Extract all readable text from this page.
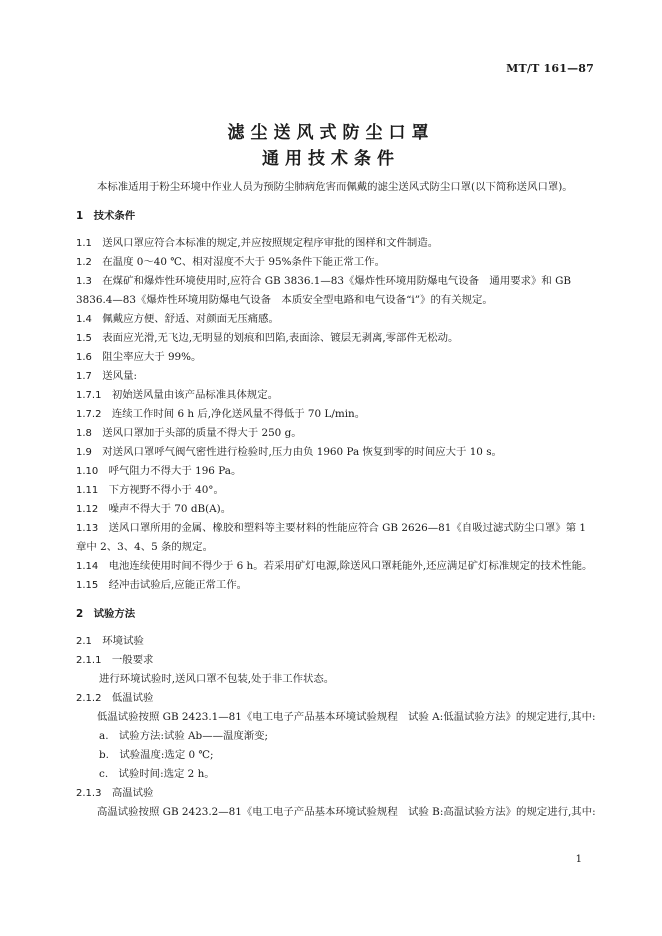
MT/T 161—87
滤尘送风式防尘口罩
通用技术条件

本标准适用于粉尘环境中作业人员为预防尘肺病危害而佩戴的滤尘送风式防尘口罩(以下简称送风口罩)。

1　技术条件

1.1　 送风口罩应符合本标准的规定,并应按照规定程序审批的图样和文件制造。

1.2　 在温度 0～40 ℃、相对湿度不大于 95%条件下能正常工作。

1.3　 在煤矿和爆炸性环境使用时,应符合 GB 3836.1—83《爆炸性环境用防爆电气设备　通用要求》和 GB 3836.4—83《爆炸性环境用防爆电气设备　本质安全型电路和电气设备“i”》的有关规定。

1.4　 佩戴应方便、舒适、对颜面无压痛感。

1.5　 表面应光滑,无飞边,无明显的划痕和凹陷,表面涂、镀层无剥离,零部件无松动。

1.6　 阻尘率应大于 99%。

1.7　 送风量:

1.7.1　 初始送风量由该产品标准具体规定。

1.7.2　 连续工作时间 6 h 后,净化送风量不得低于 70 L/min。

1.8　 送风口罩加于头部的质量不得大于 250 g。

1.9　 对送风口罩呼气阀气密性进行检验时,压力由负 1960 Pa 恢复到零的时间应大于 10 s。

1.10　 呼气阻力不得大于 196 Pa。

1.11　 下方视野不得小于 40°。

1.12　 噪声不得大于 70 dB(A)。

1.13　 送风口罩所用的金属、橡胶和塑料等主要材料的性能应符合 GB 2626—81《自吸过滤式防尘口罩》第 1 章中 2、3、4、5 条的规定。

1.14　 电池连续使用时间不得少于 6 h。若采用矿灯电源,除送风口罩耗能外,还应满足矿灯标准规定的技术性能。

1.15　 经冲击试验后,应能正常工作。

2　试验方法

2.1　 环境试验

2.1.1　 一般要求

进行环境试验时,送风口罩不包装,处于非工作状态。

2.1.2　 低温试验

低温试验按照 GB 2423.1—81《电工电子产品基本环境试验规程　试验 A:低温试验方法》的规定进行,其中:

a.　 试验方法:试验 Ab——温度渐变;

b.　 试验温度:选定 0 ℃;

c.　 试验时间:选定 2 h。

2.1.3　 高温试验

高温试验按照 GB 2423.2—81《电工电子产品基本环境试验规程　试验 B:高温试验方法》的规定进行,其中:

1
